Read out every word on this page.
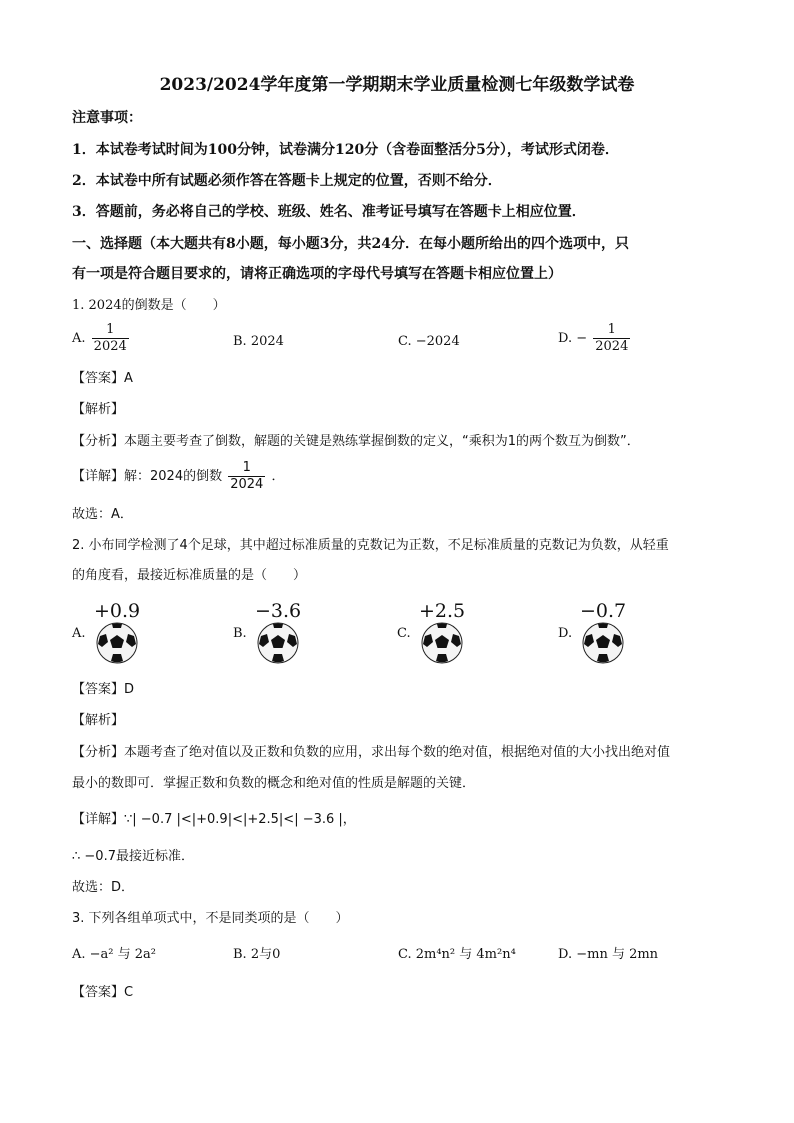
2023/2024学年度第一学期期末学业质量检测七年级数学试卷
注意事项：
1．本试卷考试时间为100分钟，试卷满分120分（含卷面整活分5分），考试形式闭卷．
2．本试卷中所有试题必须作答在答题卡上规定的位置，否则不给分．
3．答题前，务必将自己的学校、班级、姓名、准考证号填写在答题卡上相应位置．
一、选择题（本大题共有8小题，每小题3分，共24分．在每小题所给出的四个选项中，只
有一项是符合题目要求的，请将正确选项的字母代号填写在答题卡相应位置上）
1. 2024的倒数是（　　）
A. $\frac{1}{2024}$	B. 2024	C. −2024	D. − $\frac{1}{2024}$
【答案】A
【解析】
【分析】本题主要考查了倒数，解题的关键是熟练掌握倒数的定义，“乘积为1的两个数互为倒数”．
【详解】解：2024的倒数 $\frac{1}{2024}$ ．
故选：A．
2. 小布同学检测了4个足球，其中超过标准质量的克数记为正数，不足标准质量的克数记为负数，从轻重
的角度看，最接近标准质量的是（　　）
A.
+0.9
B.
−3.6
C.
+2.5
D.
−0.7
【答案】D
【解析】
【分析】本题考查了绝对值以及正数和负数的应用，求出每个数的绝对值，根据绝对值的大小找出绝对值
最小的数即可．掌握正数和负数的概念和绝对值的性质是解题的关键．
【详解】∵| −0.7 |<|+0.9|<|+2.5|<| −3.6 |，
∴ −0.7最接近标准．
故选：D．
3. 下列各组单项式中，不是同类项的是（　　）
A. −a² 与 2a²	B. 2与0	C. 2m⁴n² 与 4m²n⁴	D. −mn 与 2mn
【答案】C
